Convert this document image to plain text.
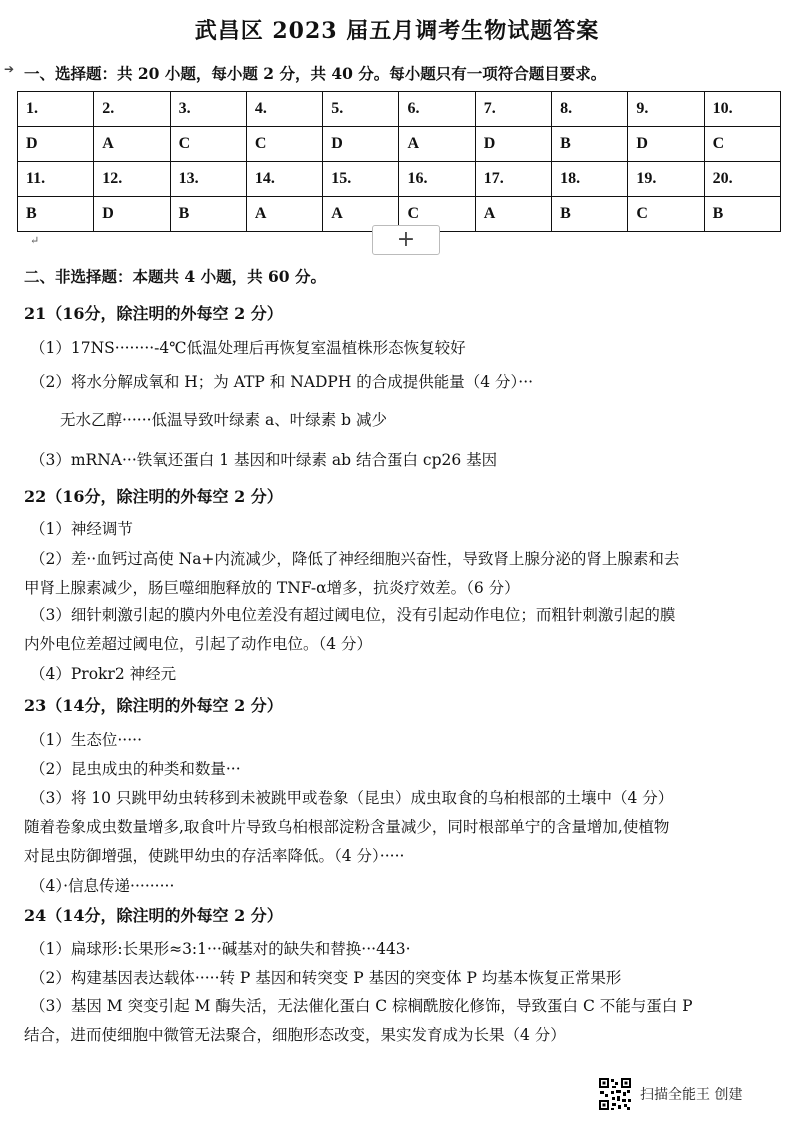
武昌区 2023 届五月调考生物试题答案
➔ 一、选择题：共 20 小题，每小题 2 分，共 40 分。每小题只有一项符合题目要求。
1.	2.	3.	4.	5.	6.	7.	8.	9.	10.
D	A	C	C	D	A	D	B	D	C
11.	12.	13.	14.	15.	16.	17.	18.	19.	20.
B	D	B	A	A	C	A	B	C	B
↵	+
二、非选择题：本题共 4 小题，共 60 分。
21（16分，除注明的外每空 2 分）
（1）17NS········-4℃低温处理后再恢复室温植株形态恢复较好
（2）将水分解成氧和 H；为 ATP 和 NADPH 的合成提供能量（4 分）···
无水乙醇······低温导致叶绿素 a、叶绿素 b 减少
（3）mRNA···铁氧还蛋白 1 基因和叶绿素 ab 结合蛋白 cp26 基因
22（16分，除注明的外每空 2 分）
（1）神经调节
（2）差··血钙过高使 Na+内流减少，降低了神经细胞兴奋性，导致肾上腺分泌的肾上腺素和去
甲肾上腺素减少，肠巨噬细胞释放的 TNF-α增多，抗炎疗效差。（6 分）
（3）细针刺激引起的膜内外电位差没有超过阈电位，没有引起动作电位；而粗针刺激引起的膜
内外电位差超过阈电位，引起了动作电位。（4 分）
（4）Prokr2 神经元
23（14分，除注明的外每空 2 分）
（1）生态位·····
（2）昆虫成虫的种类和数量···
（3）将 10 只跳甲幼虫转移到未被跳甲或卷象（昆虫）成虫取食的乌桕根部的土壤中（4 分）
随着卷象成虫数量增多,取食叶片导致乌桕根部淀粉含量减少，同时根部单宁的含量增加,使植物
对昆虫防御增强，使跳甲幼虫的存活率降低。（4 分）·····
（4）·信息传递·········
24（14分，除注明的外每空 2 分）
（1）扁球形:长果形≈3:1···碱基对的缺失和替换···443·
（2）构建基因表达载体·····转 P 基因和转突变 P 基因的突变体 P 均基本恢复正常果形
（3）基因 M 突变引起 M 酶失活，无法催化蛋白 C 棕榈酰胺化修饰，导致蛋白 C 不能与蛋白 P
结合，进而使细胞中微管无法聚合，细胞形态改变，果实发育成为长果（4 分）
扫描全能王 创建
